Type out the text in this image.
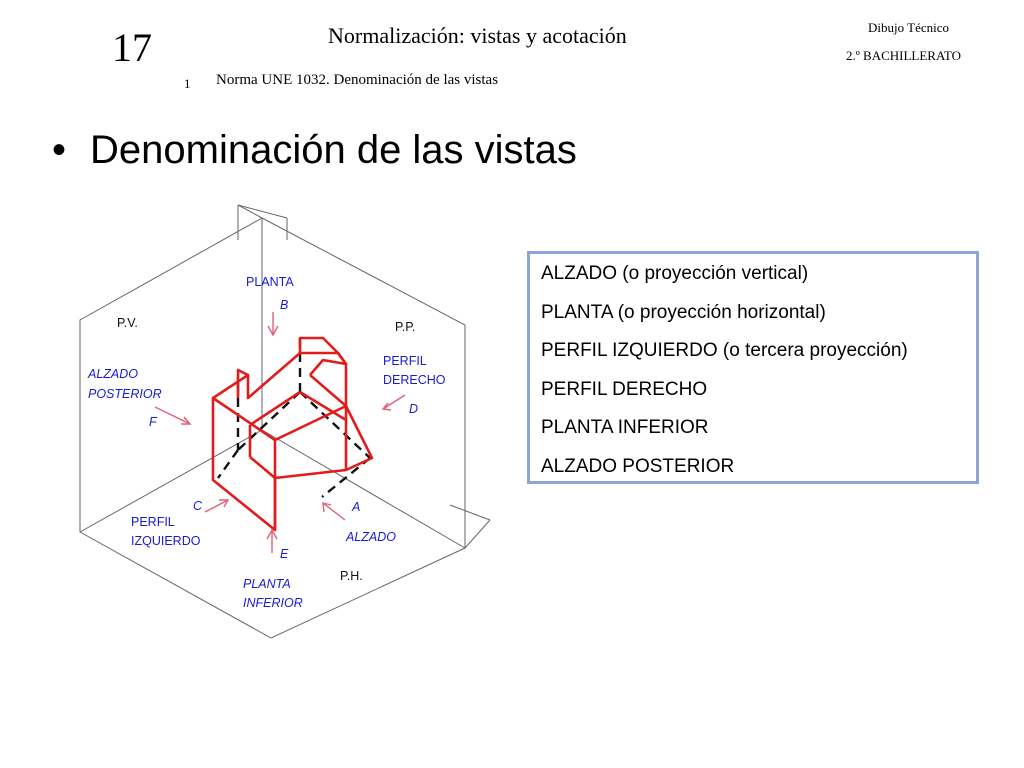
17	Normalización: vistas y acotación	Dibujo Técnico
2.º BACHILLERATO
1 Norma UNE 1032. Denominación de las vistas
• Denominación de las vistas
PLANTA
B
P.V.	P.P.
P.H.
PERFIL
DERECHO
D
ALZADO
POSTERIOR
F
C
PERFIL
IZQUIERDO
A
ALZADO
E
PLANTA
INFERIOR
ALZADO (o proyección vertical)
PLANTA (o proyección horizontal)
PERFIL IZQUIERDO (o tercera proyección)
PERFIL DERECHO
PLANTA INFERIOR
ALZADO POSTERIOR
